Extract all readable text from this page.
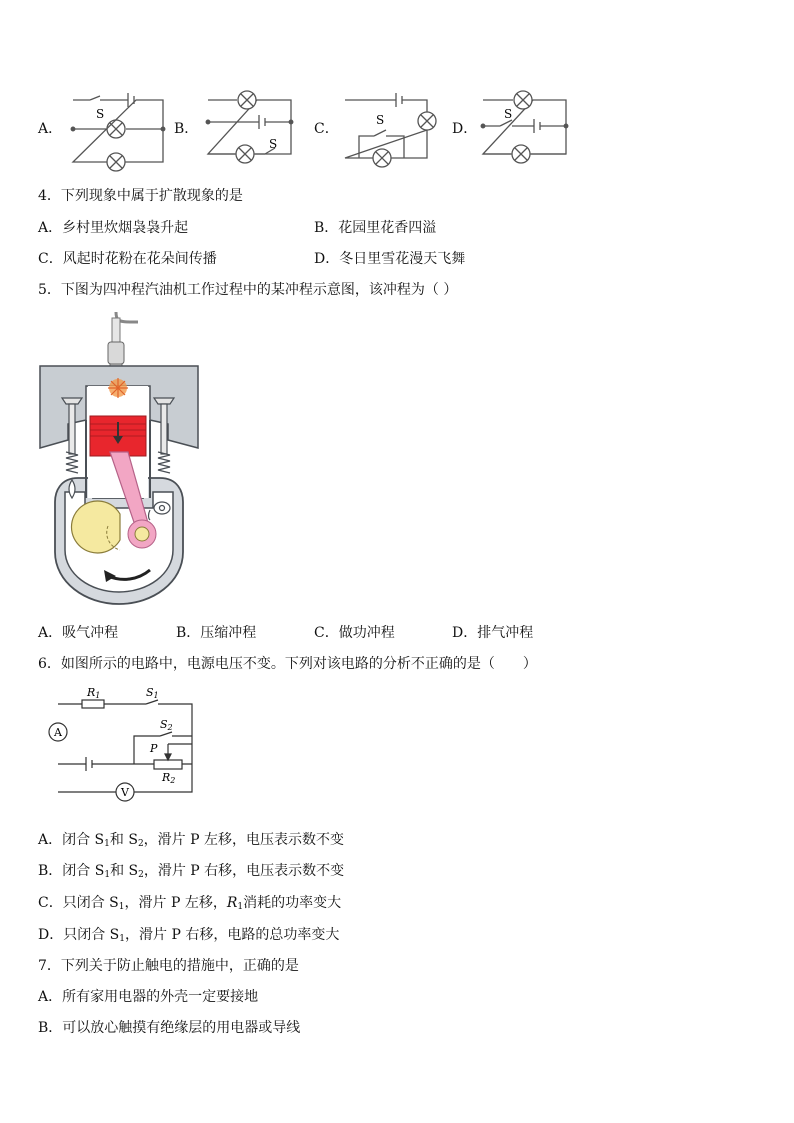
A．	B．	C．	D．
S
S
S	S
4．下列现象中属于扩散现象的是
A．乡村里炊烟袅袅升起	B．花园里花香四溢
C．风起时花粉在花朵间传播	D．冬日里雪花漫天飞舞
5．下图为四冲程汽油机工作过程中的某冲程示意图，该冲程为（ ）
A．吸气冲程	B．压缩冲程	C．做功冲程	D．排气冲程
6．如图所示的电路中，电源电压不变。下列对该电路的分析不正确的是（　　）
R1	S1
S2
P
R2
A
V
A．闭合 $S_1$和 $S_2$，滑片 P 左移，电压表示数不变
B．闭合 $S_1$和 $S_2$，滑片 P 右移，电压表示数不变
C．只闭合 $S_1$，滑片 P 左移，$R_1$消耗的功率变大
D．只闭合 $S_1$，滑片 P 右移，电路的总功率变大
7．下列关于防止触电的措施中，正确的是
A．所有家用电器的外壳一定要接地
B．可以放心触摸有绝缘层的用电器或导线
